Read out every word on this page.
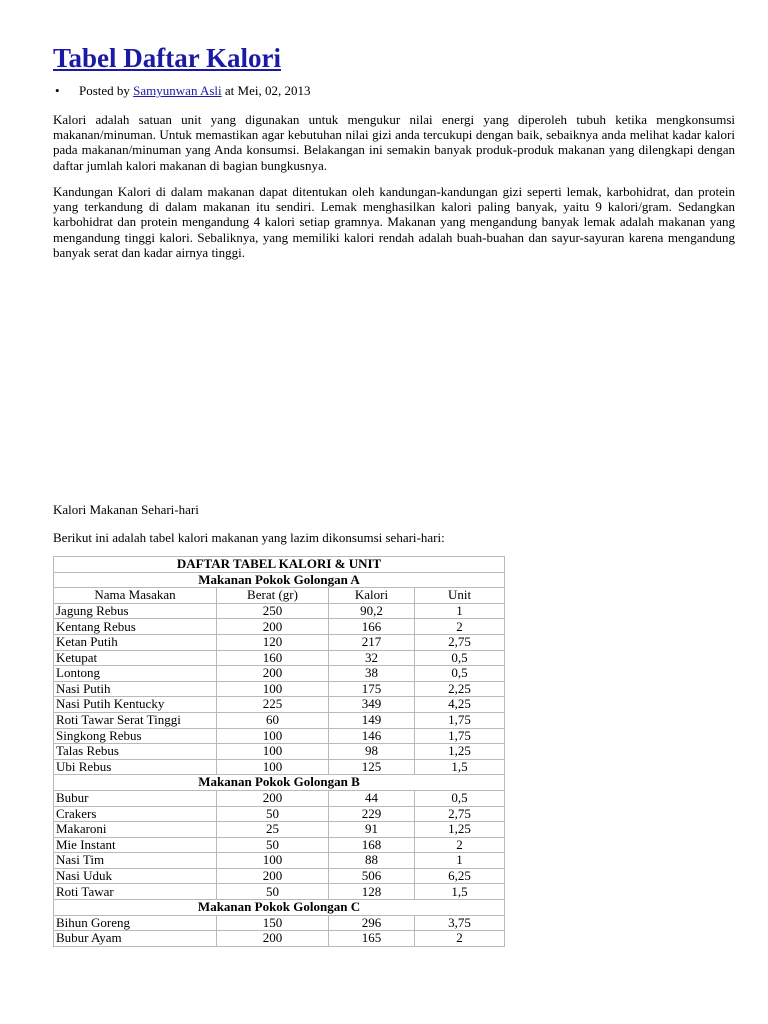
Tabel Daftar Kalori
• Posted by Samyunwan Asli at Mei, 02, 2013

Kalori adalah satuan unit yang digunakan untuk mengukur nilai energi yang diperoleh tubuh ketika mengkonsumsi makanan/minuman. Untuk memastikan agar kebutuhan nilai gizi anda tercukupi dengan baik, sebaiknya anda melihat kadar kalori pada makanan/minuman yang Anda konsumsi. Belakangan ini semakin banyak produk-produk makanan yang dilengkapi dengan daftar jumlah kalori makanan di bagian bungkusnya.

Kandungan Kalori di dalam makanan dapat ditentukan oleh kandungan-kandungan gizi seperti lemak, karbohidrat, dan protein yang terkandung di dalam makanan itu sendiri. Lemak menghasilkan kalori paling banyak, yaitu 9 kalori/gram. Sedangkan karbohidrat dan protein mengandung 4 kalori setiap gramnya. Makanan yang mengandung banyak lemak adalah makanan yang mengandung tinggi kalori. Sebaliknya, yang memiliki kalori rendah adalah buah-buahan dan sayur-sayuran karena mengandung banyak serat dan kadar airnya tinggi.

Kalori Makanan Sehari-hari
Berikut ini adalah tabel kalori makanan yang lazim dikonsumsi sehari-hari:
DAFTAR TABEL KALORI & UNIT			
Makanan Pokok Golongan A			
Nama Masakan	Berat (gr)	Kalori	Unit
Jagung Rebus	250	90,2	1
Kentang Rebus	200	166	2
Ketan Putih	120	217	2,75
Ketupat	160	32	0,5
Lontong	200	38	0,5
Nasi Putih	100	175	2,25
Nasi Putih Kentucky	225	349	4,25
Roti Tawar Serat Tinggi	60	149	1,75
Singkong Rebus	100	146	1,75
Talas Rebus	100	98	1,25
Ubi Rebus	100	125	1,5
Makanan Pokok Golongan B			
Bubur	200	44	0,5
Crakers	50	229	2,75
Makaroni	25	91	1,25
Mie Instant	50	168	2
Nasi Tim	100	88	1
Nasi Uduk	200	506	6,25
Roti Tawar	50	128	1,5
Makanan Pokok Golongan C			
Bihun Goreng	150	296	3,75
Bubur Ayam	200	165	2
